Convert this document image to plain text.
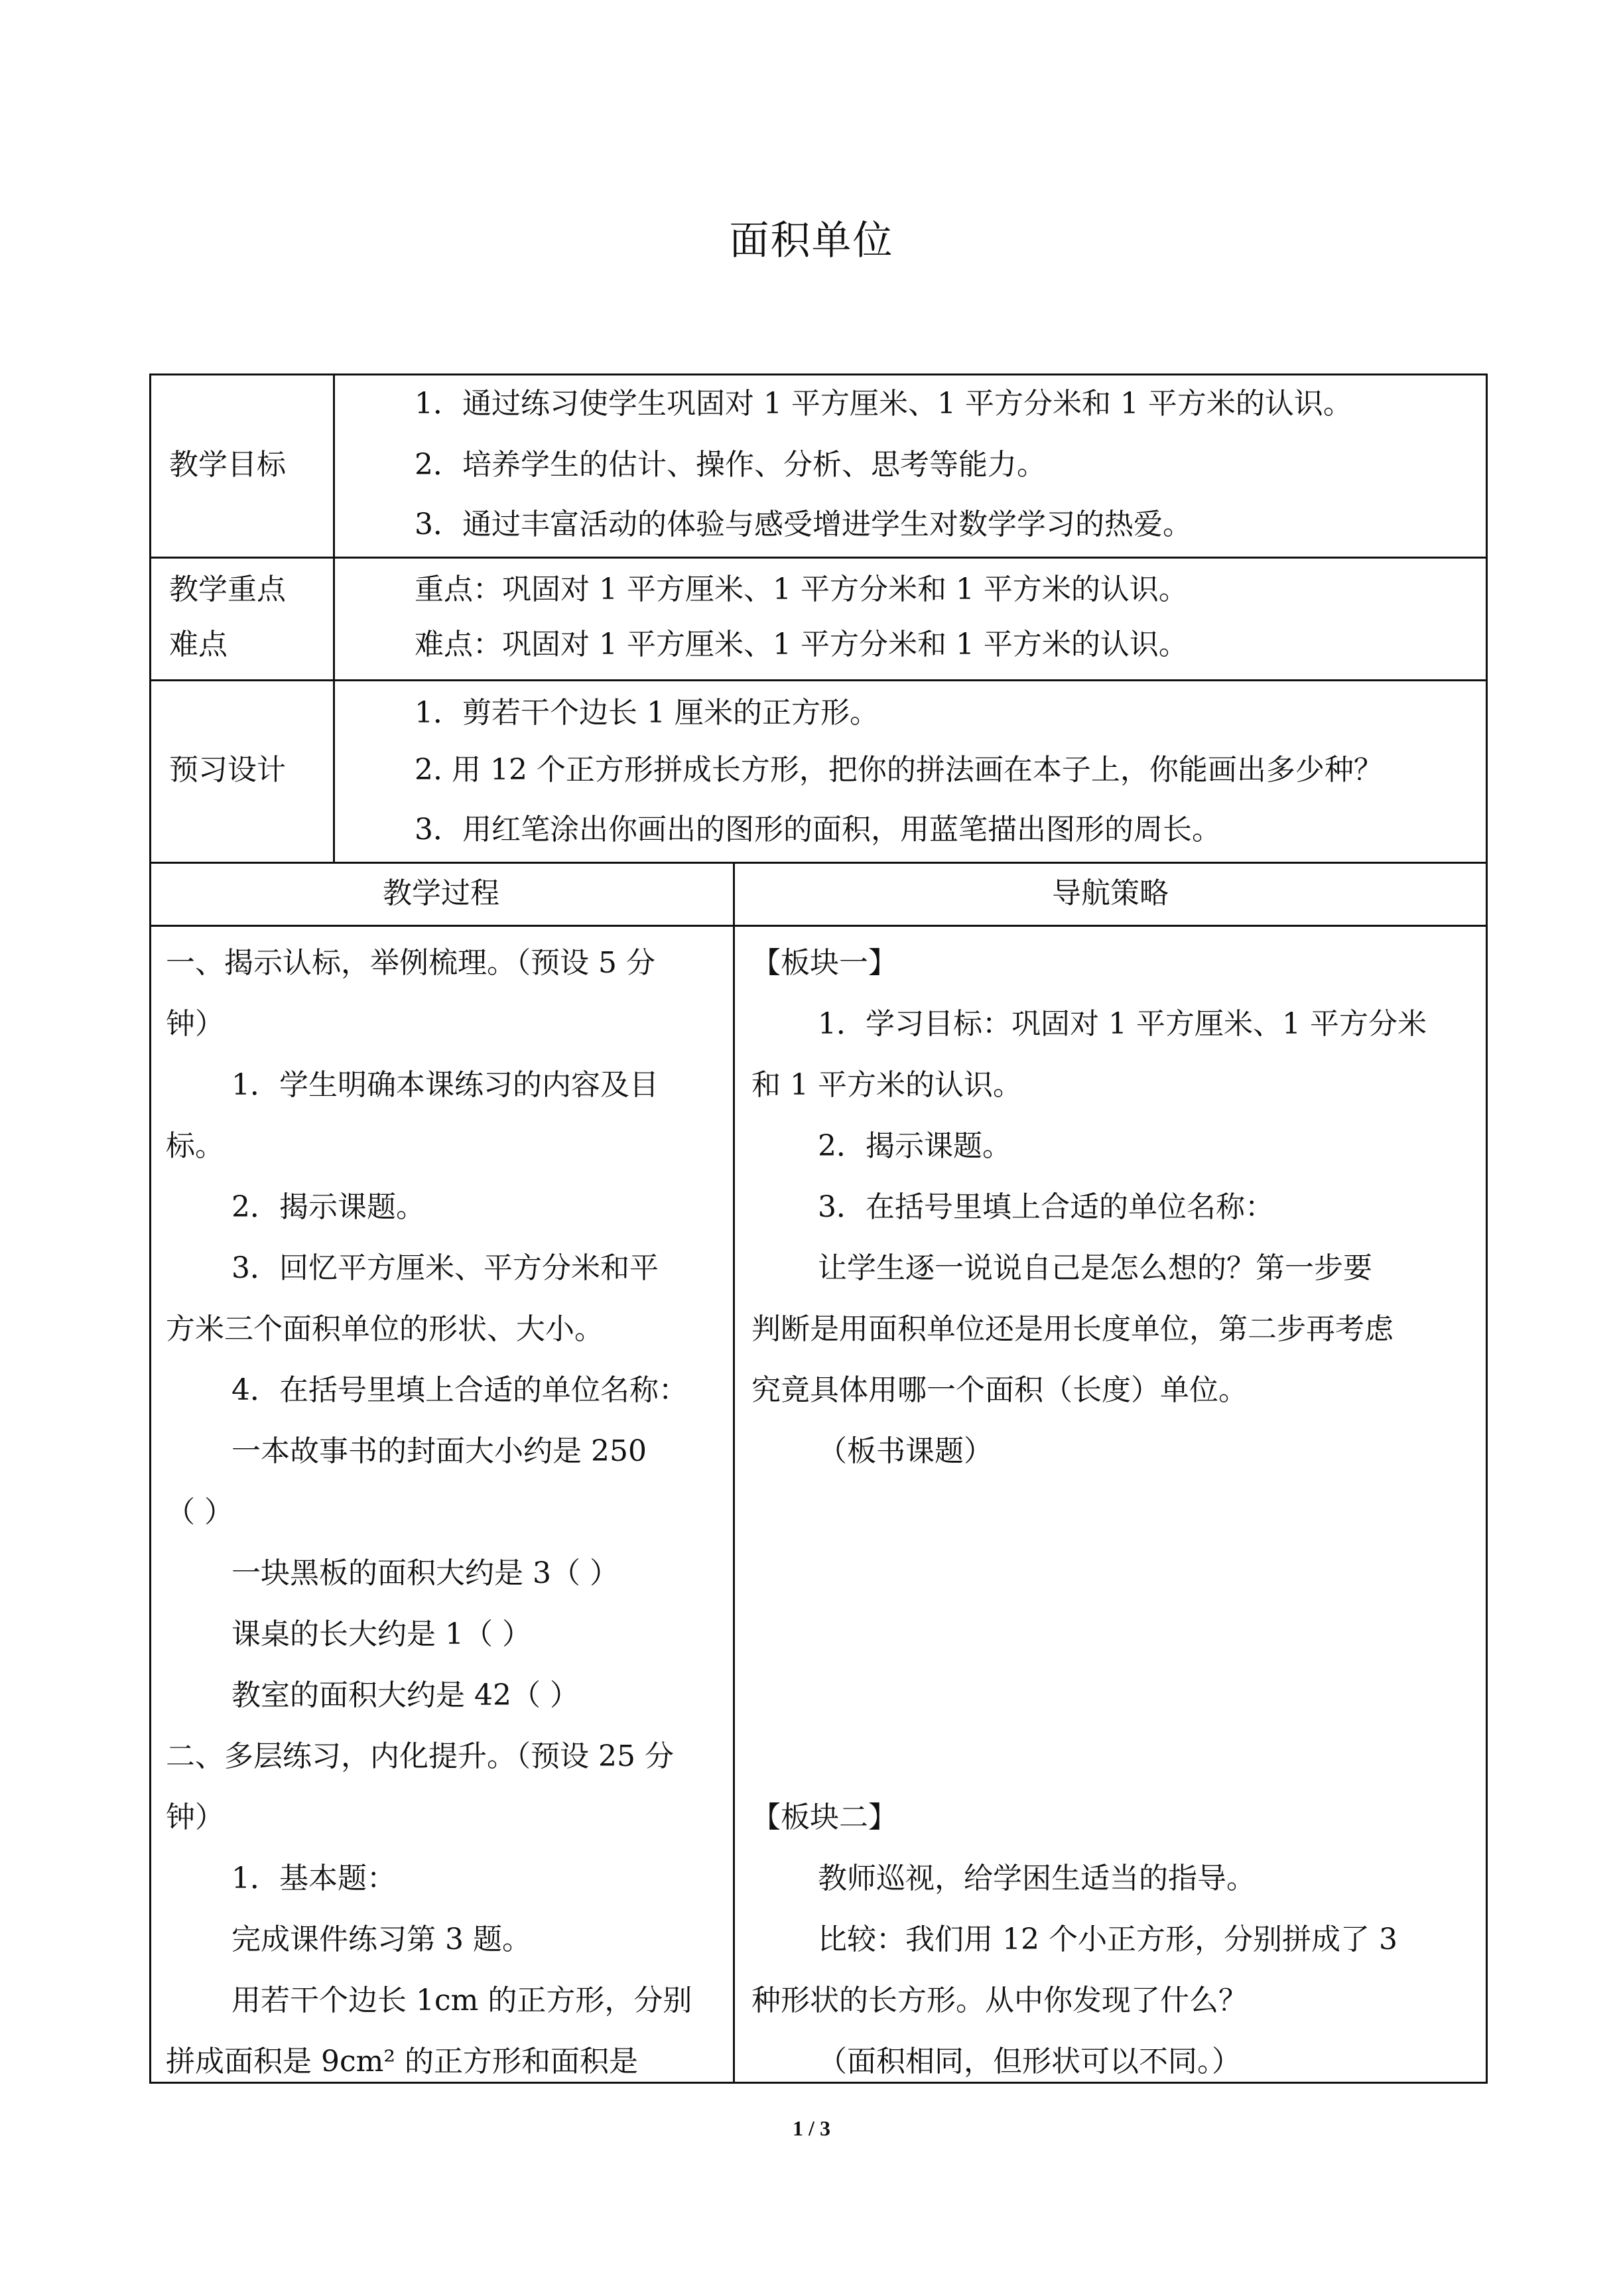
面积单位
教学目标
1．通过练习使学生巩固对 1 平方厘米、1 平方分米和 1 平方米的认识。
2．培养学生的估计、操作、分析、思考等能力。
3．通过丰富活动的体验与感受增进学生对数学学习的热爱。
教学重点
难点
重点：巩固对 1 平方厘米、1 平方分米和 1 平方米的认识。
难点：巩固对 1 平方厘米、1 平方分米和 1 平方米的认识。
预习设计
1．剪若干个边长 1 厘米的正方形。
2. 用 12 个正方形拼成长方形，把你的拼法画在本子上，你能画出多少种？
3．用红笔涂出你画出的图形的面积，用蓝笔描出图形的周长。
教学过程	导航策略
一、揭示认标，举例梳理。（预设 5 分
钟）
1．学生明确本课练习的内容及目
标。
2．揭示课题。
3．回忆平方厘米、平方分米和平
方米三个面积单位的形状、大小。
4．在括号里填上合适的单位名称：
一本故事书的封面大小约是 250
（ ）
一块黑板的面积大约是 3（ ）
课桌的长大约是 1（ ）
教室的面积大约是 42（ ）
二、多层练习，内化提升。（预设 25 分
钟）
1．基本题：
完成课件练习第 3 题。
用若干个边长 1cm 的正方形，分别
拼成面积是 9cm² 的正方形和面积是
【板块一】
1．学习目标：巩固对 1 平方厘米、1 平方分米
和 1 平方米的认识。
2．揭示课题。
3．在括号里填上合适的单位名称：
让学生逐一说说自己是怎么想的？第一步要
判断是用面积单位还是用长度单位，第二步再考虑
究竟具体用哪一个面积（长度）单位。
（板书课题）
【板块二】
教师巡视，给学困生适当的指导。
比较：我们用 12 个小正方形，分别拼成了 3
种形状的长方形。从中你发现了什么？
（面积相同，但形状可以不同。）
1 / 3
